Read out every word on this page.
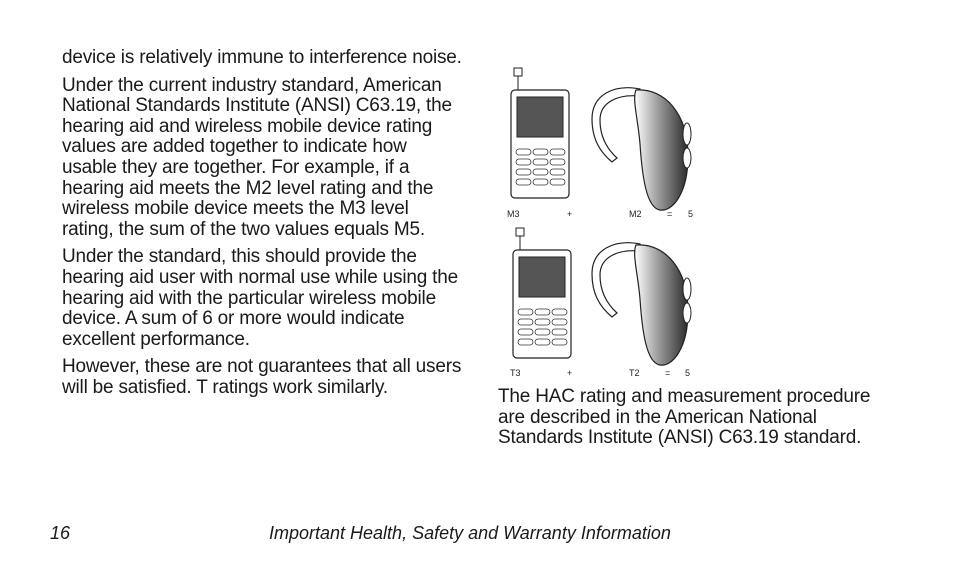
device is relatively immune to interference noise.

Under the current industry standard, American National Standards Institute (ANSI) C63.19, the hearing aid and wireless mobile device rating values are added together to indicate how usable they are together. For example, if a hearing aid meets the M2 level rating and the wireless mobile device meets the M3 level rating, the sum of the two values equals M5.

Under the standard, this should provide the hearing aid user with normal use while using the hearing aid with the particular wireless mobile device. A sum of 6 or more would indicate excellent performance.

However, these are not guarantees that all users will be satisfied. T ratings work similarly.

M3	+	M2	= 5
T3	+	T2	= 5

The HAC rating and measurement procedure are described in the American National Standards Institute (ANSI) C63.19 standard.

16	Important Health, Safety and Warranty Information
